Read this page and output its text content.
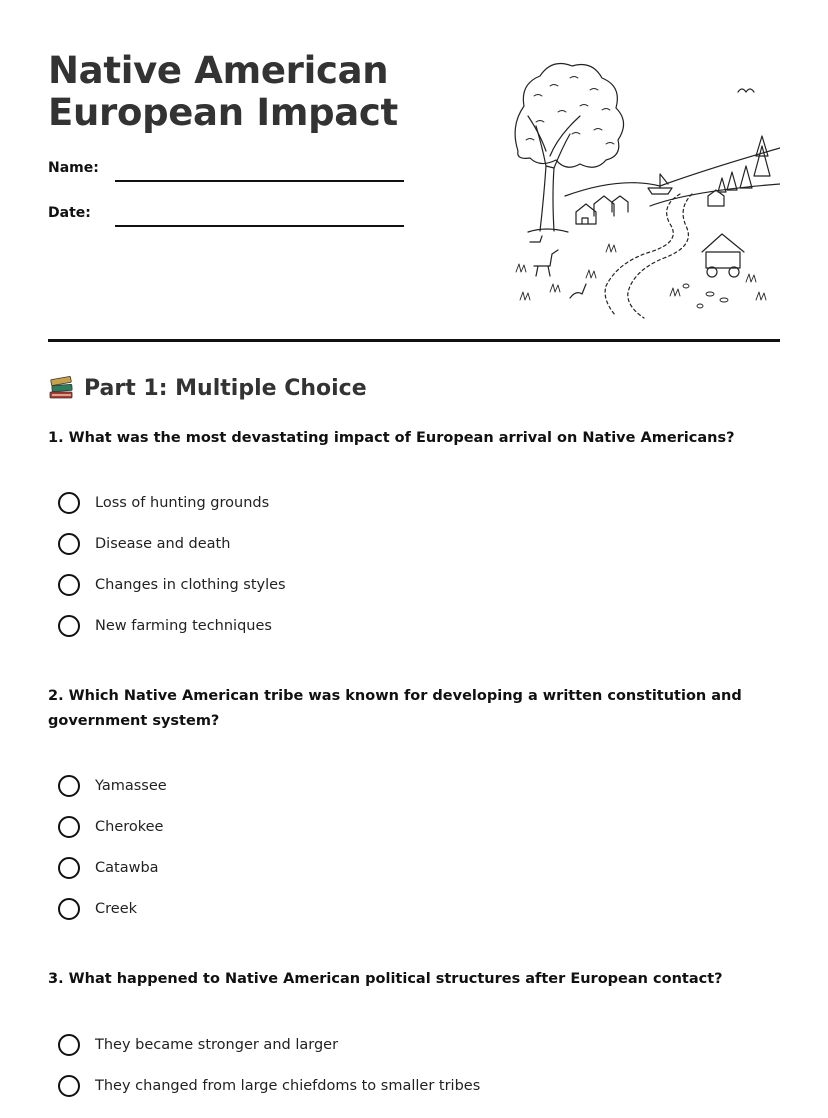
Native American
European Impact
Name:
Date:
Part 1: Multiple Choice

1. What was the most devastating impact of European arrival on Native Americans?

Loss of hunting grounds
Disease and death
Changes in clothing styles
New farming techniques

2. Which Native American tribe was known for developing a written constitution and government system?

Yamassee
Cherokee
Catawba
Creek

3. What happened to Native American political structures after European contact?

They became stronger and larger
They changed from large chiefdoms to smaller tribes
